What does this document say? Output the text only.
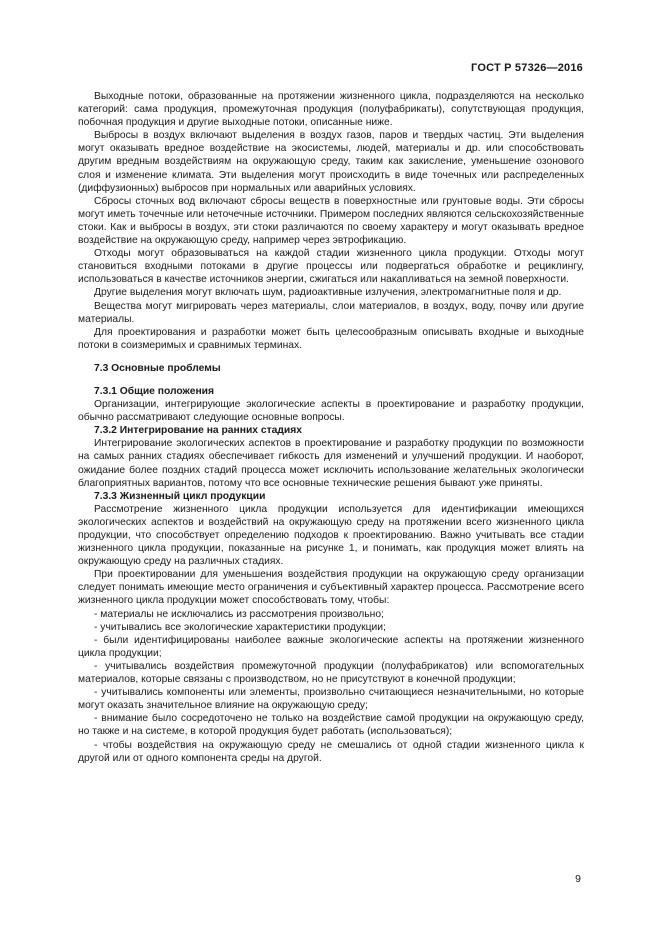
ГОСТ Р 57326—2016

Выходные потоки, образованные на протяжении жизненного цикла, подразделяются на несколько категорий: сама продукция, промежуточная продукция (полуфабрикаты), сопутствующая продукция, побочная продукция и другие выходные потоки, описанные ниже.

Выбросы в воздух включают выделения в воздух газов, паров и твердых частиц. Эти выделения могут оказывать вредное воздействие на экосистемы, людей, материалы и др. или способствовать другим вредным воздействиям на окружающую среду, таким как закисление, уменьшение озонового слоя и изменение климата. Эти выделения могут происходить в виде точечных или распределенных (диффузионных) выбросов при нормальных или аварийных условиях.

Сбросы сточных вод включают сбросы веществ в поверхностные или грунтовые воды. Эти сбросы могут иметь точечные или неточечные источники. Примером последних являются сельскохозяйственные стоки. Как и выбросы в воздух, эти стоки различаются по своему характеру и могут оказывать вредное воздействие на окружающую среду, например через эвтрофикацию.

Отходы могут образовываться на каждой стадии жизненного цикла продукции. Отходы могут становиться входными потоками в другие процессы или подвергаться обработке и рециклингу, использоваться в качестве источников энергии, сжигаться или накапливаться на земной поверхности.

Другие выделения могут включать шум, радиоактивные излучения, электромагнитные поля и др.

Вещества могут мигрировать через материалы, слои материалов, в воздух, воду, почву или другие материалы.

Для проектирования и разработки может быть целесообразным описывать входные и выходные потоки в соизмеримых и сравнимых терминах.

7.3 Основные проблемы
7.3.1 Общие положения

Организации, интегрирующие экологические аспекты в проектирование и разработку продукции, обычно рассматривают следующие основные вопросы.

7.3.2 Интегрирование на ранних стадиях

Интегрирование экологических аспектов в проектирование и разработку продукции по возможности на самых ранних стадиях обеспечивает гибкость для изменений и улучшений продукции. И наоборот, ожидание более поздних стадий процесса может исключить использование желательных экологически благоприятных вариантов, потому что все основные технические решения бывают уже приняты.

7.3.3 Жизненный цикл продукции

Рассмотрение жизненного цикла продукции используется для идентификации имеющихся экологических аспектов и воздействий на окружающую среду на протяжении всего жизненного цикла продукции, что способствует определению подходов к проектированию. Важно учитывать все стадии жизненного цикла продукции, показанные на рисунке 1, и понимать, как продукция может влиять на окружающую среду на различных стадиях.

При проектировании для уменьшения воздействия продукции на окружающую среду организации следует понимать имеющие место ограничения и субъективный характер процесса. Рассмотрение всего жизненного цикла продукции может способствовать тому, чтобы:

- материалы не исключались из рассмотрения произвольно;
- учитывались все экологические характеристики продукции;
- были идентифицированы наиболее важные экологические аспекты на протяжении жизненного цикла продукции;
- учитывались воздействия промежуточной продукции (полуфабрикатов) или вспомогательных материалов, которые связаны с производством, но не присутствуют в конечной продукции;
- учитывались компоненты или элементы, произвольно считающиеся незначительными, но которые могут оказать значительное влияние на окружающую среду;
- внимание было сосредоточено не только на воздействие самой продукции на окружающую среду, но также и на системе, в которой продукция будет работать (использоваться);
- чтобы воздействия на окружающую среду не смешались от одной стадии жизненного цикла к другой или от одного компонента среды на другой.
9
